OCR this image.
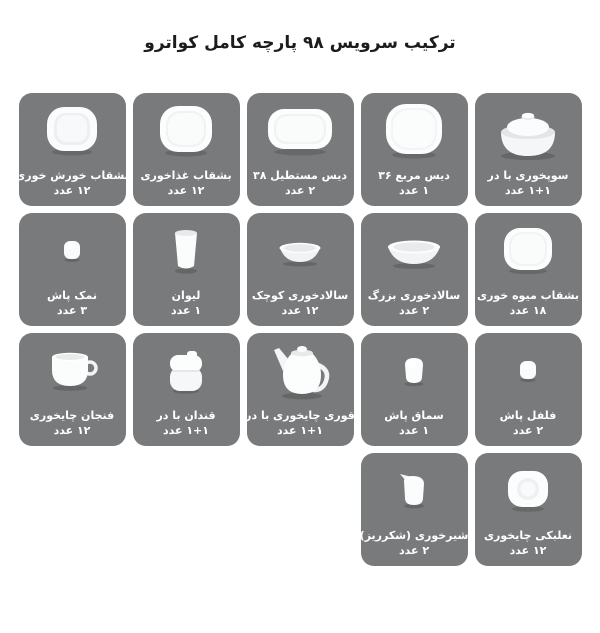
ترکیب سرویس ۹۸ پارچه کامل کواترو
سوپخوری با در
۱+۱ عدد
دیس مربع ۳۶
۱ عدد
دیس مستطیل ۳۸
۲ عدد
بشقاب غذاخوری
۱۲ عدد
بشقاب خورش خوری
۱۲ عدد
بشقاب میوه خوری
۱۸ عدد
سالادخوری بزرگ
۲ عدد
سالادخوری کوچک
۱۲ عدد
لیوان
۱ عدد
نمک پاش
۳ عدد
فلفل پاش
۲ عدد
سماق پاش
۱ عدد
قوری چایخوری با در
۱+۱ عدد
قندان با در
۱+۱ عدد
فنجان چایخوری
۱۲ عدد
نعلبکی چایخوری
۱۲ عدد
شیرخوری (شکرریز)
۲ عدد
